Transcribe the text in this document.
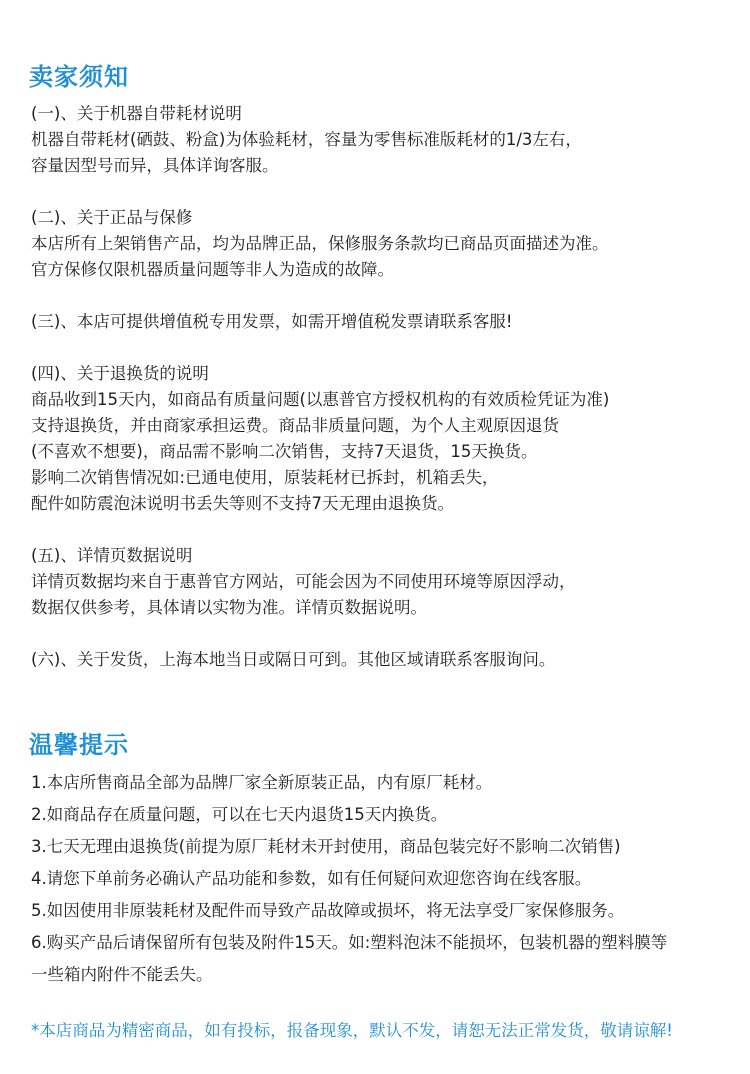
卖家须知
(一)、关于机器自带耗材说明
机器自带耗材(硒鼓、粉盒)为体验耗材，容量为零售标准版耗材的1/3左右，
容量因型号而异，具体详询客服。
(二)、关于正品与保修
本店所有上架销售产品，均为品牌正品，保修服务条款均已商品页面描述为准。
官方保修仅限机器质量问题等非人为造成的故障。
(三)、本店可提供增值税专用发票，如需开增值税发票请联系客服!
(四)、关于退换货的说明
商品收到15天内，如商品有质量问题(以惠普官方授权机构的有效质检凭证为准)
支持退换货，并由商家承担运费。商品非质量问题，为个人主观原因退货
(不喜欢不想要)，商品需不影响二次销售，支持7天退货，15天换货。
影响二次销售情况如:已通电使用，原装耗材已拆封，机箱丢失，
配件如防震泡沫说明书丢失等则不支持7天无理由退换货。
(五)、详情页数据说明
详情页数据均来自于惠普官方网站，可能会因为不同使用环境等原因浮动，
数据仅供参考，具体请以实物为准。详情页数据说明。
(六)、关于发货，上海本地当日或隔日可到。其他区域请联系客服询问。
温馨提示
1.本店所售商品全部为品牌厂家全新原装正品，内有原厂耗材。
2.如商品存在质量问题，可以在七天内退货15天内换货。
3.七天无理由退换货(前提为原厂耗材未开封使用，商品包装完好不影响二次销售)
4.请您下单前务必确认产品功能和参数，如有任何疑问欢迎您咨询在线客服。
5.如因使用非原装耗材及配件而导致产品故障或损坏，将无法享受厂家保修服务。
6.购买产品后请保留所有包装及附件15天。如:塑料泡沫不能损坏，包装机器的塑料膜等
一些箱内附件不能丢失。
*本店商品为精密商品，如有投标，报备现象，默认不发，请恕无法正常发货，敬请谅解!
